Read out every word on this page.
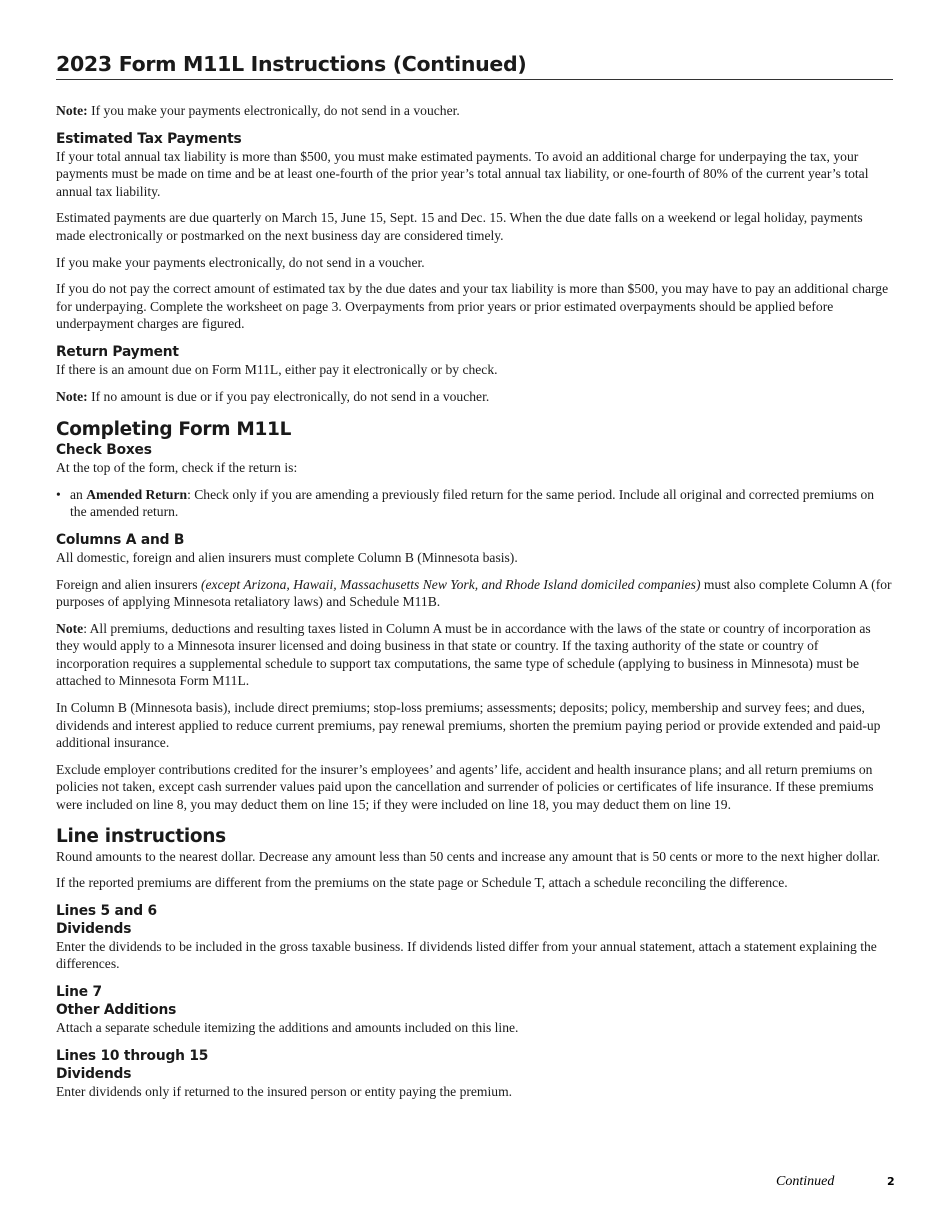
2023 Form M11L Instructions (Continued)

Note: If you make your payments electronically, do not send in a voucher.

Estimated Tax Payments

If your total annual tax liability is more than $500, you must make estimated payments. To avoid an additional charge for underpaying the tax, your payments must be made on time and be at least one-fourth of the prior year’s total annual tax liability, or one-fourth of 80% of the current year’s total annual tax liability.

Estimated payments are due quarterly on March 15, June 15, Sept. 15 and Dec. 15. When the due date falls on a weekend or legal holiday, payments made electronically or postmarked on the next business day are considered timely.

If you make your payments electronically, do not send in a voucher.

If you do not pay the correct amount of estimated tax by the due dates and your tax liability is more than $500, you may have to pay an additional charge for underpaying. Complete the worksheet on page 3. Overpayments from prior years or prior estimated overpayments should be applied before underpayment charges are figured.

Return Payment

If there is an amount due on Form M11L, either pay it electronically or by check.

Note: If no amount is due or if you pay electronically, do not send in a voucher.

Completing Form M11L
Check Boxes

At the top of the form, check if the return is:

• an Amended Return: Check only if you are amending a previously filed return for the same period. Include all original and corrected premiums on the amended return.
Columns A and B

All domestic, foreign and alien insurers must complete Column B (Minnesota basis).

Foreign and alien insurers (except Arizona, Hawaii, Massachusetts New York, and Rhode Island domiciled companies) must also complete Column A (for purposes of applying Minnesota retaliatory laws) and Schedule M11B.

Note: All premiums, deductions and resulting taxes listed in Column A must be in accordance with the laws of the state or country of incorporation as they would apply to a Minnesota insurer licensed and doing business in that state or country. If the taxing authority of the state or country of incorporation requires a supplemental schedule to support tax computations, the same type of schedule (applying to business in Minnesota) must be attached to Minnesota Form M11L.

In Column B (Minnesota basis), include direct premiums; stop-loss premiums; assessments; deposits; policy, membership and survey fees; and dues, dividends and interest applied to reduce current premiums, pay renewal premiums, shorten the premium paying period or provide extended and paid-up additional insurance.

Exclude employer contributions credited for the insurer’s employees’ and agents’ life, accident and health insurance plans; and all return premiums on policies not taken, except cash surrender values paid upon the cancellation and surrender of policies or certificates of life insurance. If these premiums were included on line 8, you may deduct them on line 15; if they were included on line 18, you may deduct them on line 19.

Line instructions

Round amounts to the nearest dollar. Decrease any amount less than 50 cents and increase any amount that is 50 cents or more to the next higher dollar.

If the reported premiums are different from the premiums on the state page or Schedule T, attach a schedule reconciling the difference.

Lines 5 and 6
Dividends

Enter the dividends to be included in the gross taxable business. If dividends listed differ from your annual statement, attach a statement explaining the differences.

Line 7
Other Additions

Attach a separate schedule itemizing the additions and amounts included on this line.

Lines 10 through 15
Dividends

Enter dividends only if returned to the insured person or entity paying the premium.

Continued	2
